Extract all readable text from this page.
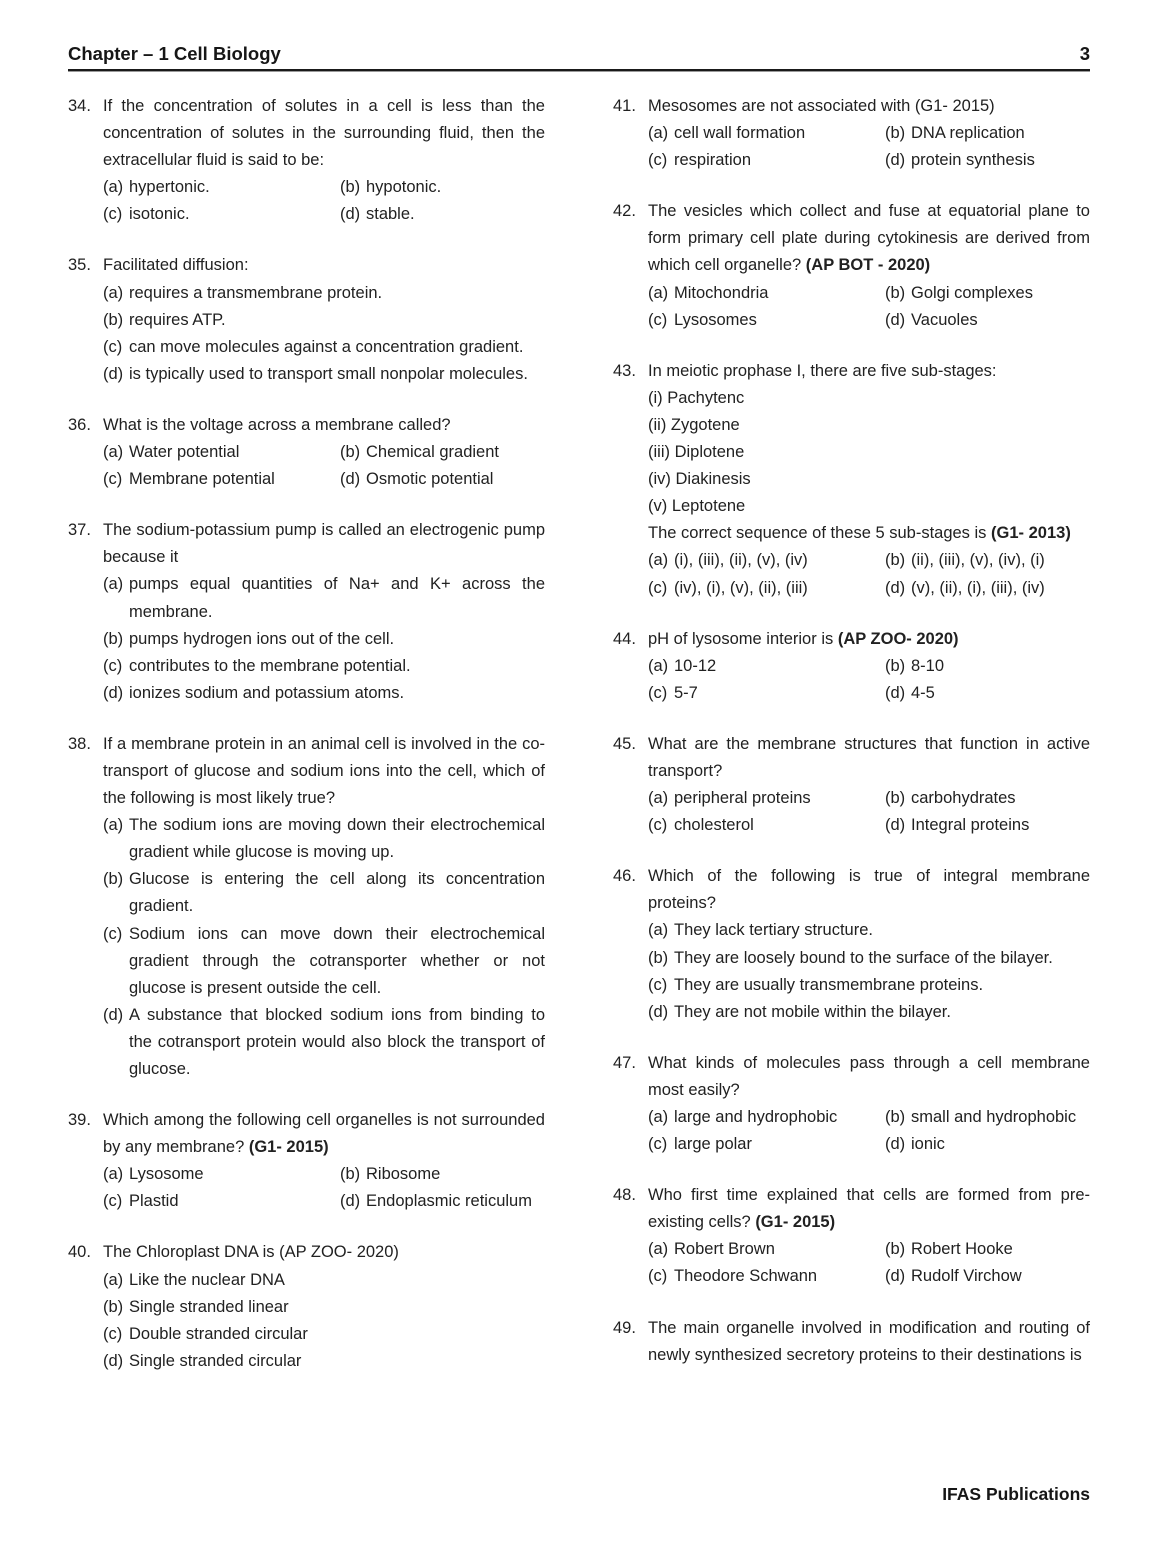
Chapter – 1 Cell Biology	3
34. If the concentration of solutes in a cell is less than the concentration of solutes in the surrounding fluid, then the extracellular fluid is said to be:
(a) hypertonic.	(b) hypotonic.
(c) isotonic.	(d) stable.
35. Facilitated diffusion:
(a) requires a transmembrane protein.
(b) requires ATP.
(c) can move molecules against a concentration gradient.
(d) is typically used to transport small nonpolar molecules.
36. What is the voltage across a membrane called?
(a) Water potential	(b) Chemical gradient
(c) Membrane potential	(d) Osmotic potential
37. The sodium-potassium pump is called an electrogenic pump because it
(a) pumps equal quantities of Na+ and K+ across the membrane.
(b) pumps hydrogen ions out of the cell.
(c) contributes to the membrane potential.
(d) ionizes sodium and potassium atoms.
38. If a membrane protein in an animal cell is involved in the co-transport of glucose and sodium ions into the cell, which of the following is most likely true?
(a) The sodium ions are moving down their electrochemical gradient while glucose is moving up.
(b) Glucose is entering the cell along its concentration gradient.
(c) Sodium ions can move down their electrochemical gradient through the cotransporter whether or not glucose is present outside the cell.
(d) A substance that blocked sodium ions from binding to the cotransport protein would also block the transport of glucose.
39. Which among the following cell organelles is not surrounded by any membrane? (G1- 2015)
(a) Lysosome	(b) Ribosome
(c) Plastid	(d) Endoplasmic reticulum
40. The Chloroplast DNA is (AP ZOO- 2020)
(a) Like the nuclear DNA
(b) Single stranded linear
(c) Double stranded circular
(d) Single stranded circular
41. Mesosomes are not associated with (G1- 2015)
(a) cell wall formation	(b) DNA replication
(c) respiration	(d) protein synthesis
42. The vesicles which collect and fuse at equatorial plane to form primary cell plate during cytokinesis are derived from which cell organelle? (AP BOT - 2020)
(a) Mitochondria	(b) Golgi complexes
(c) Lysosomes	(d) Vacuoles
43. In meiotic prophase I, there are five sub-stages:
(i) Pachytenc
(ii) Zygotene
(iii) Diplotene
(iv) Diakinesis
(v) Leptotene
The correct sequence of these 5 sub-stages is (G1- 2013)
(a) (i), (iii), (ii), (v), (iv)	(b) (ii), (iii), (v), (iv), (i)
(c) (iv), (i), (v), (ii), (iii)	(d) (v), (ii), (i), (iii), (iv)
44. pH of lysosome interior is (AP ZOO- 2020)
(a) 10-12	(b) 8-10
(c) 5-7	(d) 4-5
45. What are the membrane structures that function in active transport?
(a) peripheral proteins	(b) carbohydrates
(c) cholesterol	(d) Integral proteins
46. Which of the following is true of integral membrane proteins?
(a) They lack tertiary structure.
(b) They are loosely bound to the surface of the bilayer.
(c) They are usually transmembrane proteins.
(d) They are not mobile within the bilayer.
47. What kinds of molecules pass through a cell membrane most easily?
(a) large and hydrophobic	(b) small and hydrophobic
(c) large polar	(d) ionic
48. Who first time explained that cells are formed from pre-existing cells? (G1- 2015)
(a) Robert Brown	(b) Robert Hooke
(c) Theodore Schwann	(d) Rudolf Virchow
49. The main organelle involved in modification and routing of newly synthesized secretory proteins to their destinations is
IFAS Publications
